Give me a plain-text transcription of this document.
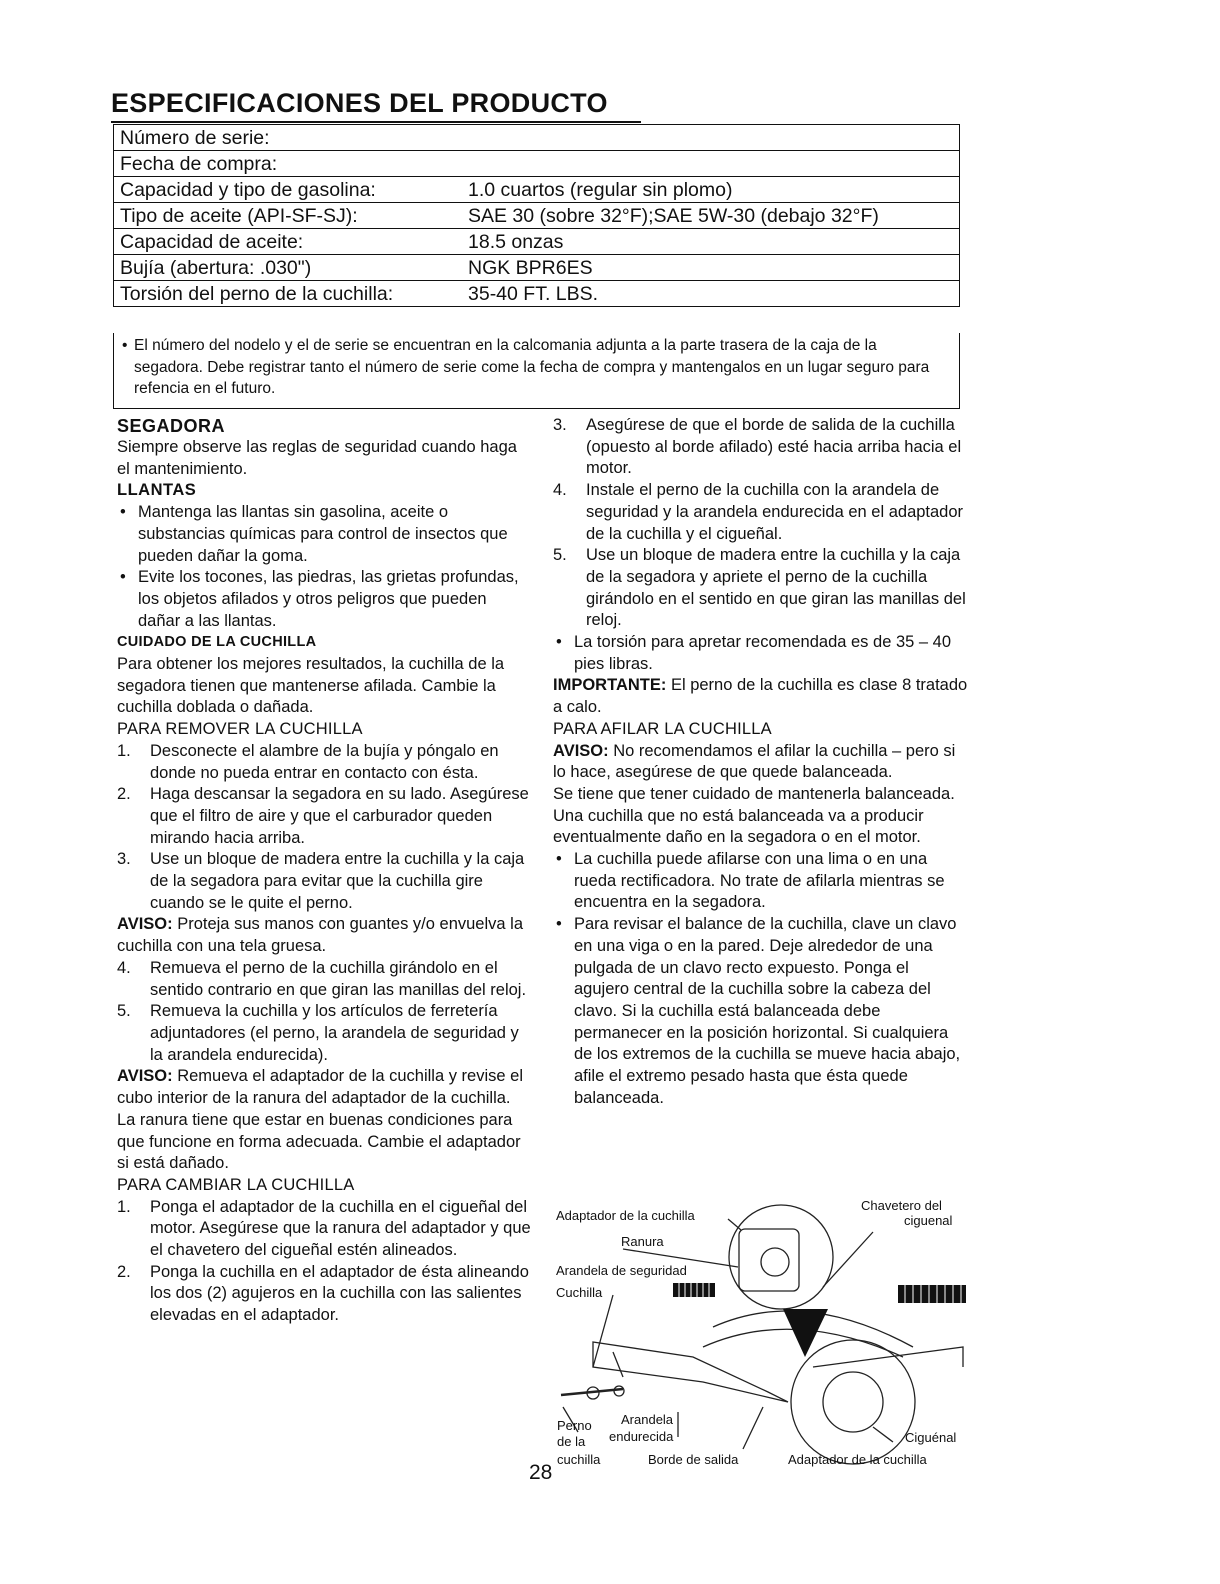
ESPECIFICACIONES DEL PRODUCTO
Número de serie:	
Fecha de compra:	
Capacidad y tipo de gasolina:	1.0 cuartos (regular sin plomo)
Tipo de aceite (API-SF-SJ):	SAE 30 (sobre 32°F);SAE 5W-30 (debajo 32°F)
Capacidad de aceite:	18.5 onzas
Bujía (abertura: .030")	NGK BPR6ES
Torsión del perno de la cuchilla:	35-40 FT. LBS.
• El número del nodelo y el de serie se encuentran en la calcomania adjunta a la parte trasera de la caja de la segadora. Debe registrar tanto el número de serie come la fecha de compra y mantengalos en un lugar seguro para refencia en el futuro.

SEGADORA

Siempre observe las reglas de seguridad cuando haga el mantenimiento.

LLANTAS

• Mantenga las llantas sin gasolina, aceite o substancias químicas para control de insectos que pueden dañar la goma.
• Evite los tocones, las piedras, las grietas profundas, los objetos afilados y otros peligros que pueden dañar a las llantas.

CUIDADO DE LA CUCHILLA

Para obtener los mejores resultados, la cuchilla de la segadora tienen que mantenerse afilada. Cambie la cuchilla doblada o dañada.

PARA REMOVER LA CUCHILLA

1.	Desconecte el alambre de la bujía y póngalo en donde no pueda entrar en contacto con ésta.
2.	Haga descansar la segadora en su lado. Asegúrese que el filtro de aire y que el carburador queden mirando hacia arriba.
3.	Use un bloque de madera entre la cuchilla y la caja de la segadora para evitar que la cuchilla gire cuando se le quite el perno.

AVISO: Proteja sus manos con guantes y/o envuelva la cuchilla con una tela gruesa.

4.	Remueva el perno de la cuchilla girándolo en el sentido contrario en que giran las manillas del reloj.
5.	Remueva la cuchilla y los artículos de ferretería adjuntadores (el perno, la arandela de seguridad y la arandela endurecida).

AVISO: Remueva el adaptador de la cuchilla y revise el cubo interior de la ranura del adaptador de la cuchilla. La ranura tiene que estar en buenas condiciones para que funcione en forma adecuada. Cambie el adaptador si está dañado.

PARA CAMBIAR LA CUCHILLA

1.	Ponga el adaptador de la cuchilla en el cigueñal del motor. Asegúrese que la ranura del adaptador y que el chavetero del cigueñal estén alineados.
2.	Ponga la cuchilla en el adaptador de ésta alineando los dos (2) agujeros en la cuchilla con las salientes elevadas en el adaptador.
3.	Asegúrese de que el borde de salida de la cuchilla (opuesto al borde afilado) esté hacia arriba hacia el motor.
4.	Instale el perno de la cuchilla con la arandela de seguridad y la arandela endurecida en el adaptador de la cuchilla y el cigueñal.
5.	Use un bloque de madera entre la cuchilla y la caja de la segadora y apriete el perno de la cuchilla girándolo en el sentido en que giran las manillas del reloj.
• La torsión para apretar recomendada es de 35 – 40 pies libras.

IMPORTANTE: El perno de la cuchilla es clase 8 tratado a calo.

PARA AFILAR LA CUCHILLA

AVISO: No recomendamos el afilar la cuchilla – pero si lo hace, asegúrese de que quede balanceada.

Se tiene que tener cuidado de mantenerla balanceada. Una cuchilla que no está balanceada va a producir eventualmente daño en la segadora o en el motor.

• La cuchilla puede afilarse con una lima o en una rueda rectificadora. No trate de afilarla mientras se encuentra en la segadora.
• Para revisar el balance de la cuchilla, clave un clavo en una viga o en la pared. Deje alrededor de una pulgada de un clavo recto expuesto. Ponga el agujero central de la cuchilla sobre la cabeza del clavo. Si la cuchilla está balanceada debe permanecer en la posición horizontal. Si cualquiera de los extremos de la cuchilla se mueve hacia abajo, afile el extremo pesado hasta que ésta quede balanceada.
Adaptador de la cuchilla
Chavetero del
ciguenal
Ranura
Arandela de seguridad
Cuchilla
Perno
de la
cuchilla
Arandela
endurecida
Borde de salida	Adaptador de la cuchilla
Ciguénal
28
